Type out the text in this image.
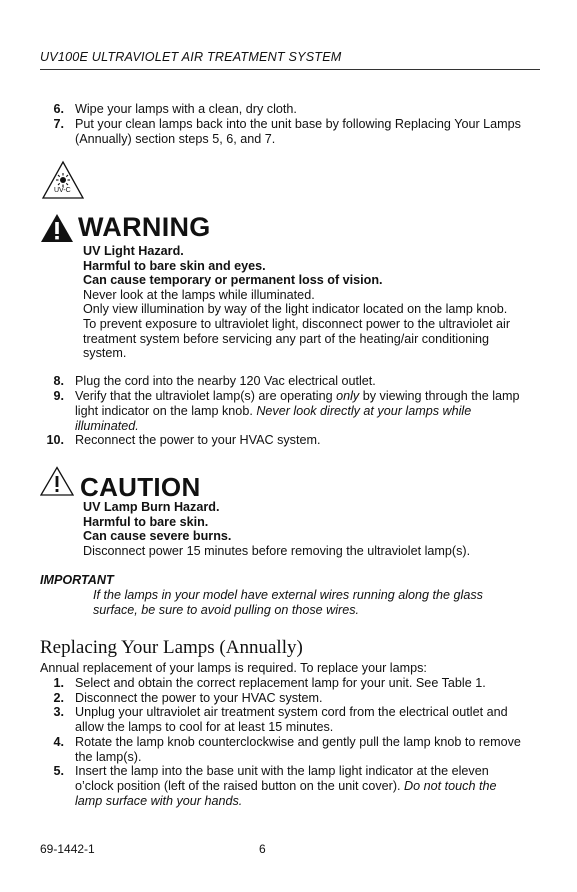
UV100E ULTRAVIOLET AIR TREATMENT SYSTEM
6. Wipe your lamps with a clean, dry cloth.
7. Put your clean lamps back into the unit base by following Replacing Your Lamps
(Annually) section steps 5, 6, and 7.
UV-C
WARNING
UV Light Hazard.
Harmful to bare skin and eyes.
Can cause temporary or permanent loss of vision.
Never look at the lamps while illuminated.
Only view illumination by way of the light indicator located on the lamp knob.
To prevent exposure to ultraviolet light, disconnect power to the ultraviolet air
treatment system before servicing any part of the heating/air conditioning
system.
8. Plug the cord into the nearby 120 Vac electrical outlet.
9. Verify that the ultraviolet lamp(s) are operating only by viewing through the lamp
light indicator on the lamp knob. Never look directly at your lamps while
illuminated.
10. Reconnect the power to your HVAC system.
CAUTION
UV Lamp Burn Hazard.
Harmful to bare skin.
Can cause severe burns.
Disconnect power 15 minutes before removing the ultraviolet lamp(s).
IMPORTANT
If the lamps in your model have external wires running along the glass
surface, be sure to avoid pulling on those wires.
Replacing Your Lamps (Annually)
Annual replacement of your lamps is required. To replace your lamps:
1. Select and obtain the correct replacement lamp for your unit. See Table 1.
2. Disconnect the power to your HVAC system.
3. Unplug your ultraviolet air treatment system cord from the electrical outlet and
allow the lamps to cool for at least 15 minutes.
4. Rotate the lamp knob counterclockwise and gently pull the lamp knob to remove
the lamp(s).
5. Insert the lamp into the base unit with the lamp light indicator at the eleven
o’clock position (left of the raised button on the unit cover). Do not touch the
lamp surface with your hands.
69-1442-1	6
